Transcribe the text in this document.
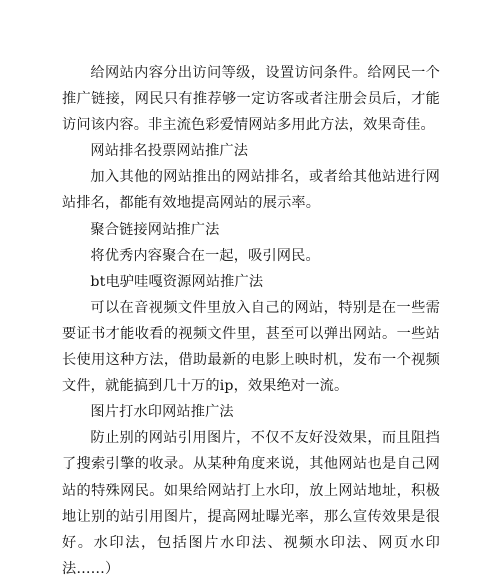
给网站内容分出访问等级，设置访问条件。给网民一个推广链接，网民只有推荐够一定访客或者注册会员后，才能访问该内容。非主流色彩爱情网站多用此方法，效果奇佳。

网站排名投票网站推广法

加入其他的网站推出的网站排名，或者给其他站进行网站排名，都能有效地提高网站的展示率。

聚合链接网站推广法

将优秀内容聚合在一起，吸引网民。

bt电驴哇嘎资源网站推广法

可以在音视频文件里放入自己的网站，特别是在一些需要证书才能收看的视频文件里，甚至可以弹出网站。一些站长使用这种方法，借助最新的电影上映时机，发布一个视频文件，就能搞到几十万的ip，效果绝对一流。

图片打水印网站推广法

防止别的网站引用图片，不仅不友好没效果，而且阻挡了搜索引擎的收录。从某种角度来说，其他网站也是自己网站的特殊网民。如果给网站打上水印，放上网站地址，积极地让别的站引用图片，提高网址曝光率，那么宣传效果是很好。水印法，包括图片水印法、视频水印法、网页水印法……）
